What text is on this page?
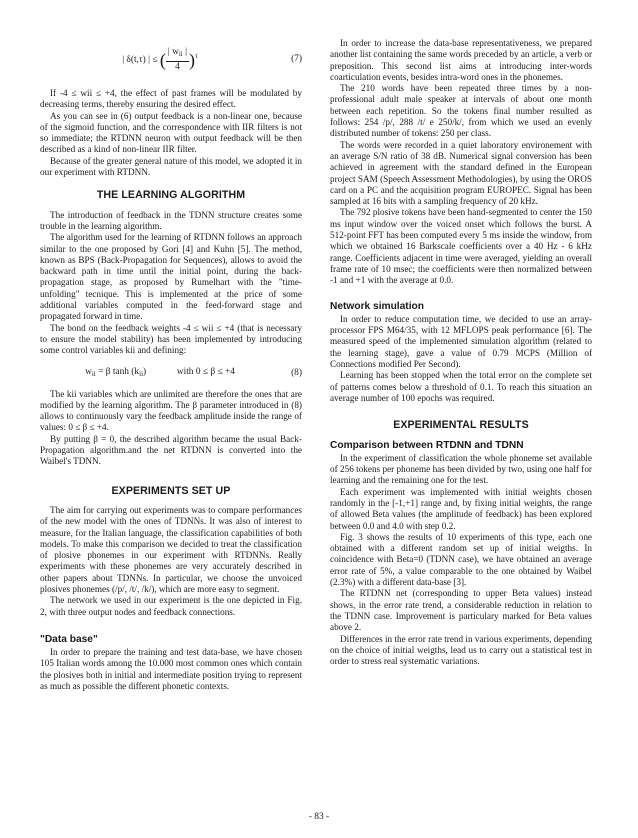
| δ(t,τ) | ≤ ( $\frac{| w_{ii} |}{4} )^\tau$	(7)

If -4 ≤ wii ≤ +4, the effect of past frames will be modulated by decreasing terms, thereby ensuring the desired effect.

As you can see in (6) output feedback is a non-linear one, because of the sigmoid function, and the correspondence with IIR filters is not so immediate; the RTDNN neuron with output feedback will be then described as a kind of non-linear IIR filter.

Because of the greater general nature of this model, we adopted it in our experiment with RTDNN.

THE LEARNING ALGORITHM

The introduction of feedback in the TDNN structure creates some trouble in the learning algorithm.

The algorithm used for the learning of RTDNN follows an approach similar to the one proposed by Gori [4] and Kuhn [5]. The method, known as BPS (Back-Propagation for Sequences), allows to avoid the backward path in time until the initial point, during the back-propagation stage, as proposed by Rumelhart with the "time-unfolding" tecnique. This is implemented at the price of some additional variables computed in the feed-forward stage and propagated forward in time.

The bond on the feedback weights -4 ≤ wii ≤ +4 (that is necessary to ensure the model stability) has been implemented by introducing some control variables kii and defining:

$w_{ii} = \beta$ $\tanh (k_{ii})$	with 0 ≤ β ≤ +4	(8)

The kii variables which are unlimited are therefore the ones that are modified by the learning algorithm. The β parameter introduced in (8) allows to continuously vary the feedback amplitude inside the range of values: 0 ≤ β ≤ +4.

By putting β = 0, the described algorithm became the usual Back-Propagation algorithm.and the net RTDNN is converted into the Waibel's TDNN.

EXPERIMENTS SET UP

The aim for carrying out experiments was to compare performances of the new model with the ones of TDNNs. It was also of interest to measure, for the Italian language, the classification capabilities of both models. To make this comparison we decided to treat the classification of plosive phonemes in our experiment with RTDNNs. Really experiments with these phonemes are very accurately described in other papers about TDNNs. In particular, we choose the unvoiced plosives phonemes (/p/, /t/, /k/), which are more easy to segment.

The network we used in our experiment is the one depicted in Fig. 2, with three output nodes and feedback connections.

"Data base"

In order to prepare the training and test data-base, we have chosen 105 Italian words among the 10.000 most common ones which contain the plosives both in initial and intermediate position trying to represent as much as possible the different phonetic contexts.

In order to increase the data-base representativeness, we prepared another list containing the same words preceded by an article, a verb or preposition. This second list aims at introducing inter-words coarticulation events, besides intra-word ones in the phonemes.

The 210 words have been repeated three times by a non-professional adult male speaker at intervals of about one month between each repetition. So the tokens final number resulted as follows: 254 /p/, 288 /t/ e 250/k/, from which we used an evenly distributed number of tokens: 250 per class.

The words were recorded in a quiet laboratory environement with an average S/N ratio of 38 dB. Numerical signal conversion has been achieved in agreement with the standard defined in the European project SAM (Speech Assessment Methodologies), by using the OROS card on a PC and the acquisition program EUROPEC. Signal has been sampled at 16 bits with a sampling frequency of 20 kHz.

The 792 plosive tokens have been hand-segmented to center the 150 ms input window over the voiced onset which follows the burst. A 512-point FFT has been computed every 5 ms inside the window, from which we obtained 16 Barkscale coefficients over a 40 Hz - 6 kHz range. Coefficients adjacent in time were averaged, yielding an overall frame rate of 10 msec; the coefficients were then normalized between -1 and +1 with the average at 0.0.

Network simulation

In order to reduce computation time, we decided to use an array-processor FPS M64/35, with 12 MFLOPS peak performance [6]. The measured speed of the implemented simulation algorithm (related to the learning stage), gave a value of 0.79 MCPS (Million of Connections modified Per Second).

Learning has been stopped when the total error on the complete set of patterns comes below a threshold of 0.1. To reach this situation an average number of 100 epochs was required.

EXPERIMENTAL RESULTS
Comparison between RTDNN and TDNN

In the experiment of classification the whole phoneme set available of 256 tokens per phoneme has been divided by two, using one half for learning and the remaining one for the test.

Each experiment was implemented with initial weights chosen randomly in the [-1,+1] range and, by fixing initial weights, the range of allowed Beta values (the amplitude of feedback) has been explored between 0.0 and 4.0 with step 0.2.

Fig. 3 shows the results of 10 experiments of this type, each one obtained with a different random set up of initial weigths. In coincidence with Beta=0 (TDNN case), we have obtained an average error rate of 5%, a value comparable to the one obtained by Waibel (2.3%) with a different data-base [3].

The RTDNN net (corresponding to upper Beta values) instead shows, in the error rate trend, a considerable reduction in relation to the TDNN case. Improvement is particulary marked for Beta values above 2.

Differences in the error rate trend in various experiments, depending on the choice of initial weigths, lead us to carry out a statistical test in order to stress real systematic variations.

- 83 -
